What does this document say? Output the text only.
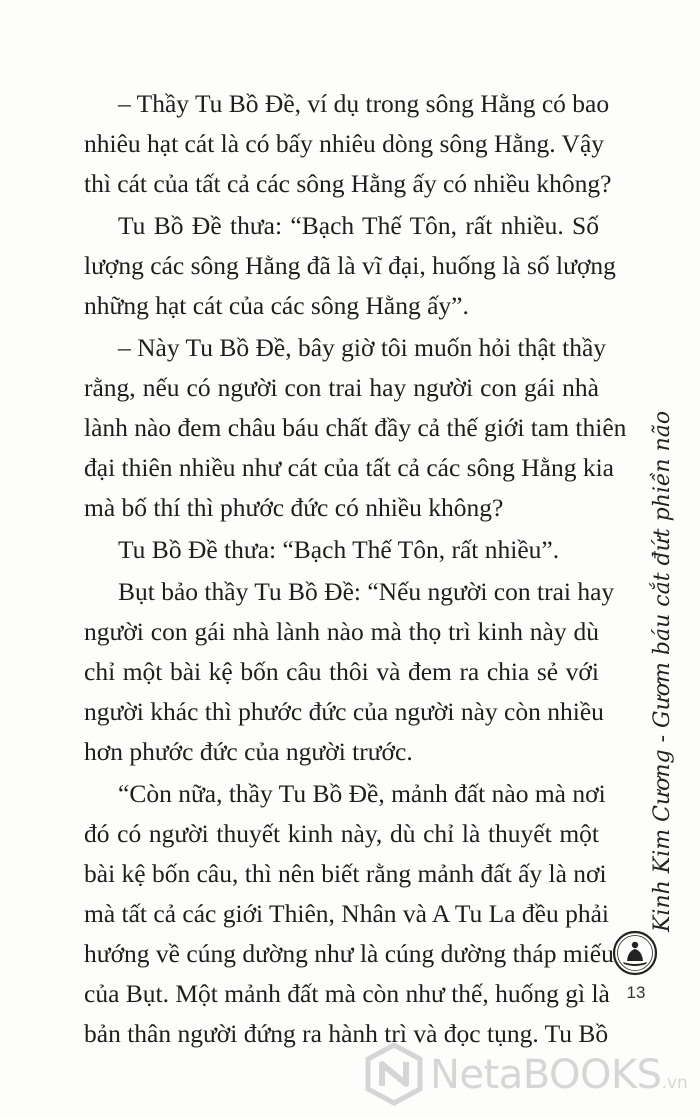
– Thầy Tu Bồ Đề, ví dụ trong sông Hằng có bao
nhiêu hạt cát là có bấy nhiêu dòng sông Hằng. Vậy
thì cát của tất cả các sông Hằng ấy có nhiều không?
Tu Bồ Đề thưa: “Bạch Thế Tôn, rất nhiều. Số
lượng các sông Hằng đã là vĩ đại, huống là số lượng
những hạt cát của các sông Hằng ấy”.
– Này Tu Bồ Đề, bây giờ tôi muốn hỏi thật thầy
rằng, nếu có người con trai hay người con gái nhà
lành nào đem châu báu chất đầy cả thế giới tam thiên
đại thiên nhiều như cát của tất cả các sông Hằng kia
mà bố thí thì phước đức có nhiều không?
Tu Bồ Đề thưa: “Bạch Thế Tôn, rất nhiều”.
Bụt bảo thầy Tu Bồ Đề: “Nếu người con trai hay
người con gái nhà lành nào mà thọ trì kinh này dù
chỉ một bài kệ bốn câu thôi và đem ra chia sẻ với
người khác thì phước đức của người này còn nhiều
hơn phước đức của người trước.
“Còn nữa, thầy Tu Bồ Đề, mảnh đất nào mà nơi
đó có người thuyết kinh này, dù chỉ là thuyết một
bài kệ bốn câu, thì nên biết rằng mảnh đất ấy là nơi
mà tất cả các giới Thiên, Nhân và A Tu La đều phải
hướng về cúng dường như là cúng dường tháp miếu
của Bụt. Một mảnh đất mà còn như thế, huống gì là
bản thân người đứng ra hành trì và đọc tụng. Tu Bồ
Kinh Kim Cương - Gươm báu cắt đứt phiền não
13
NetaBOOKS.vn
